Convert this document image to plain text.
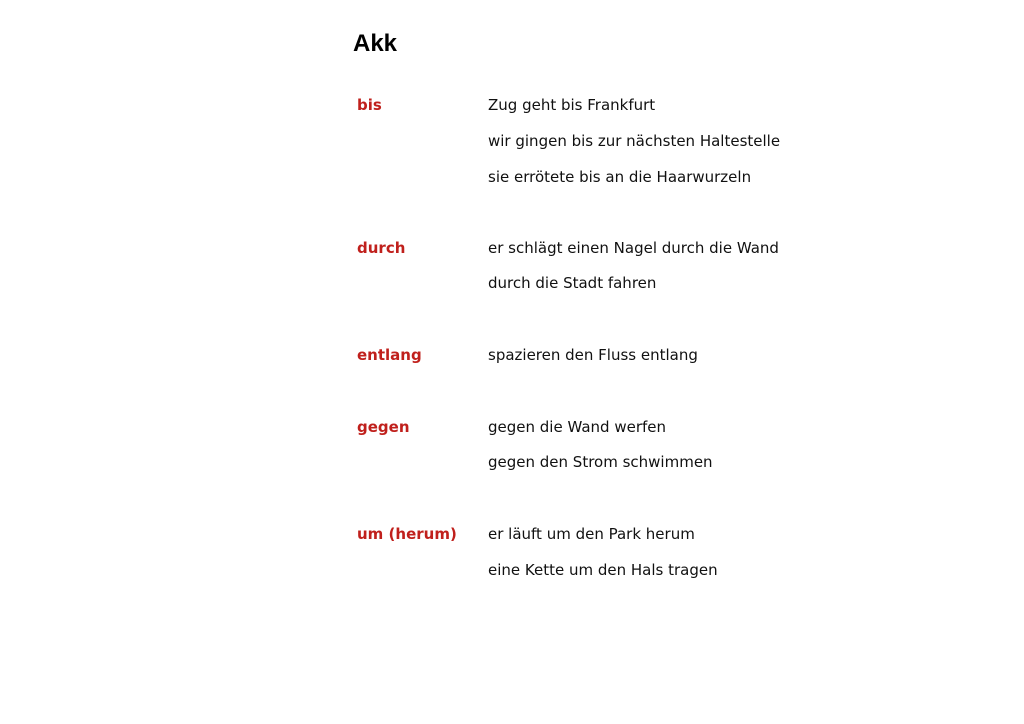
Akk
bis	Zug geht bis Frankfurt
wir gingen bis zur nächsten Haltestelle
sie errötete bis an die Haarwurzeln
durch	er schlägt einen Nagel durch die Wand
durch die Stadt fahren
entlang	spazieren den Fluss entlang
gegen	gegen die Wand werfen
gegen den Strom schwimmen
um (herum) er läuft um den Park herum
eine Kette um den Hals tragen
